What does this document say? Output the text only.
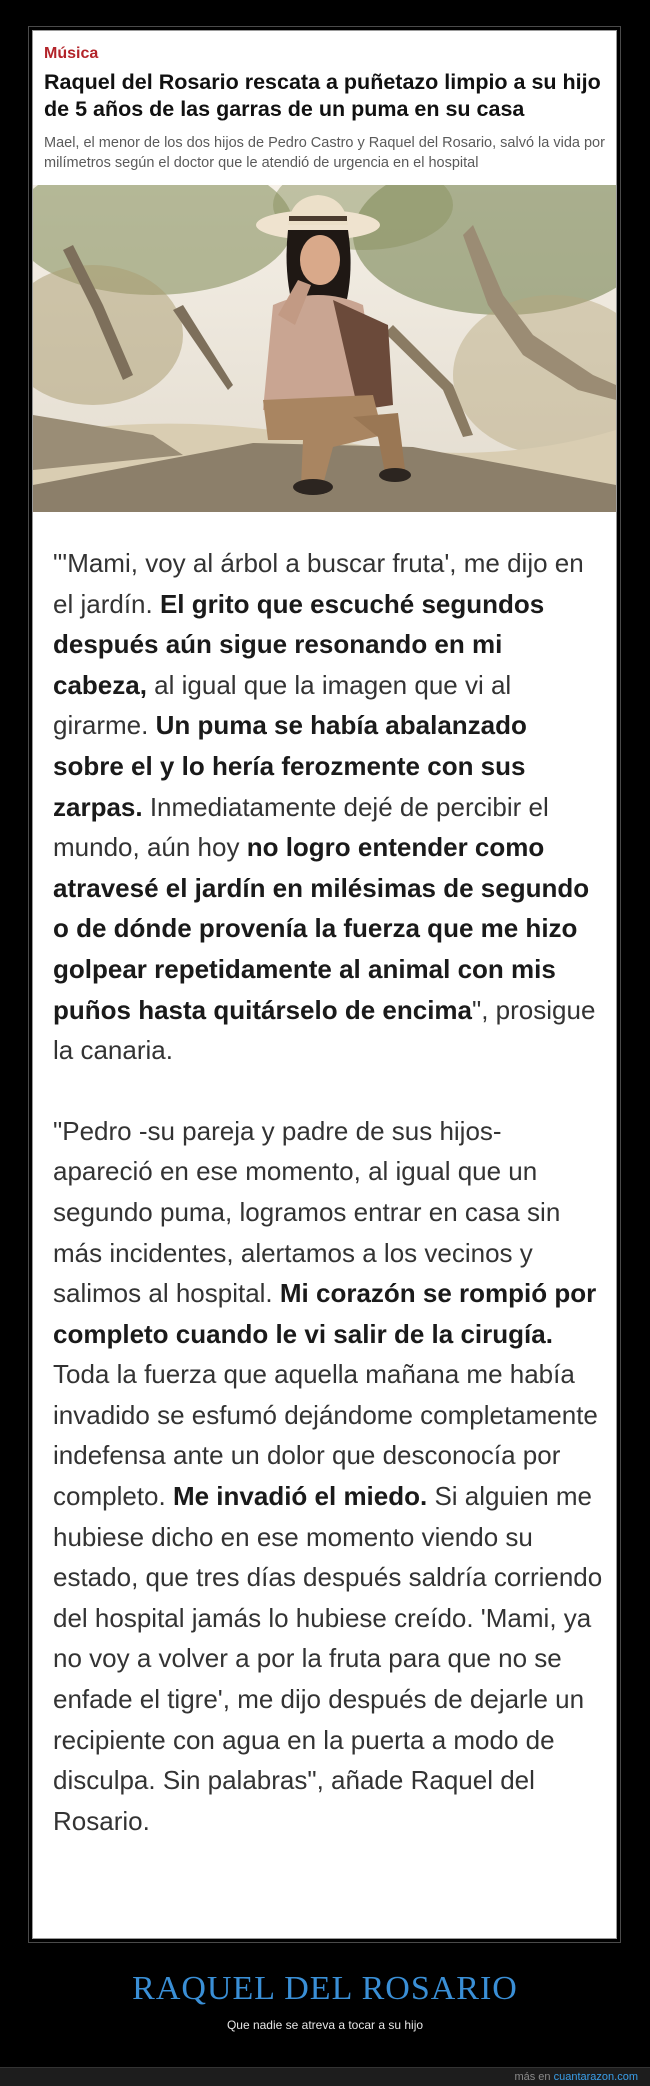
Música
Raquel del Rosario rescata a puñetazo limpio a su hijo de 5 años de las garras de un puma en su casa

Mael, el menor de los dos hijos de Pedro Castro y Raquel del Rosario, salvó la vida por milímetros según el doctor que le atendió de urgencia en el hospital

"'Mami, voy al árbol a buscar fruta', me dijo en el jardín. El grito que escuché segundos después aún sigue resonando en mi cabeza, al igual que la imagen que vi al girarme. Un puma se había abalanzado sobre el y lo hería ferozmente con sus zarpas. Inmediatamente dejé de percibir el mundo, aún hoy no logro entender como atravesé el jardín en milésimas de segundo o de dónde provenía la fuerza que me hizo golpear repetidamente al animal con mis puños hasta quitárselo de encima", prosigue la canaria.

"Pedro -su pareja y padre de sus hijos- apareció en ese momento, al igual que un segundo puma, logramos entrar en casa sin más incidentes, alertamos a los vecinos y salimos al hospital. Mi corazón se rompió por completo cuando le vi salir de la cirugía. Toda la fuerza que aquella mañana me había invadido se esfumó dejándome completamente indefensa ante un dolor que desconocía por completo. Me invadió el miedo. Si alguien me hubiese dicho en ese momento viendo su estado, que tres días después saldría corriendo del hospital jamás lo hubiese creído. 'Mami, ya no voy a volver a por la fruta para que no se enfade el tigre', me dijo después de dejarle un recipiente con agua en la puerta a modo de disculpa. Sin palabras", añade Raquel del Rosario.

RAQUEL DEL ROSARIO
Que nadie se atreva a tocar a su hijo
más en cuantarazon.com
